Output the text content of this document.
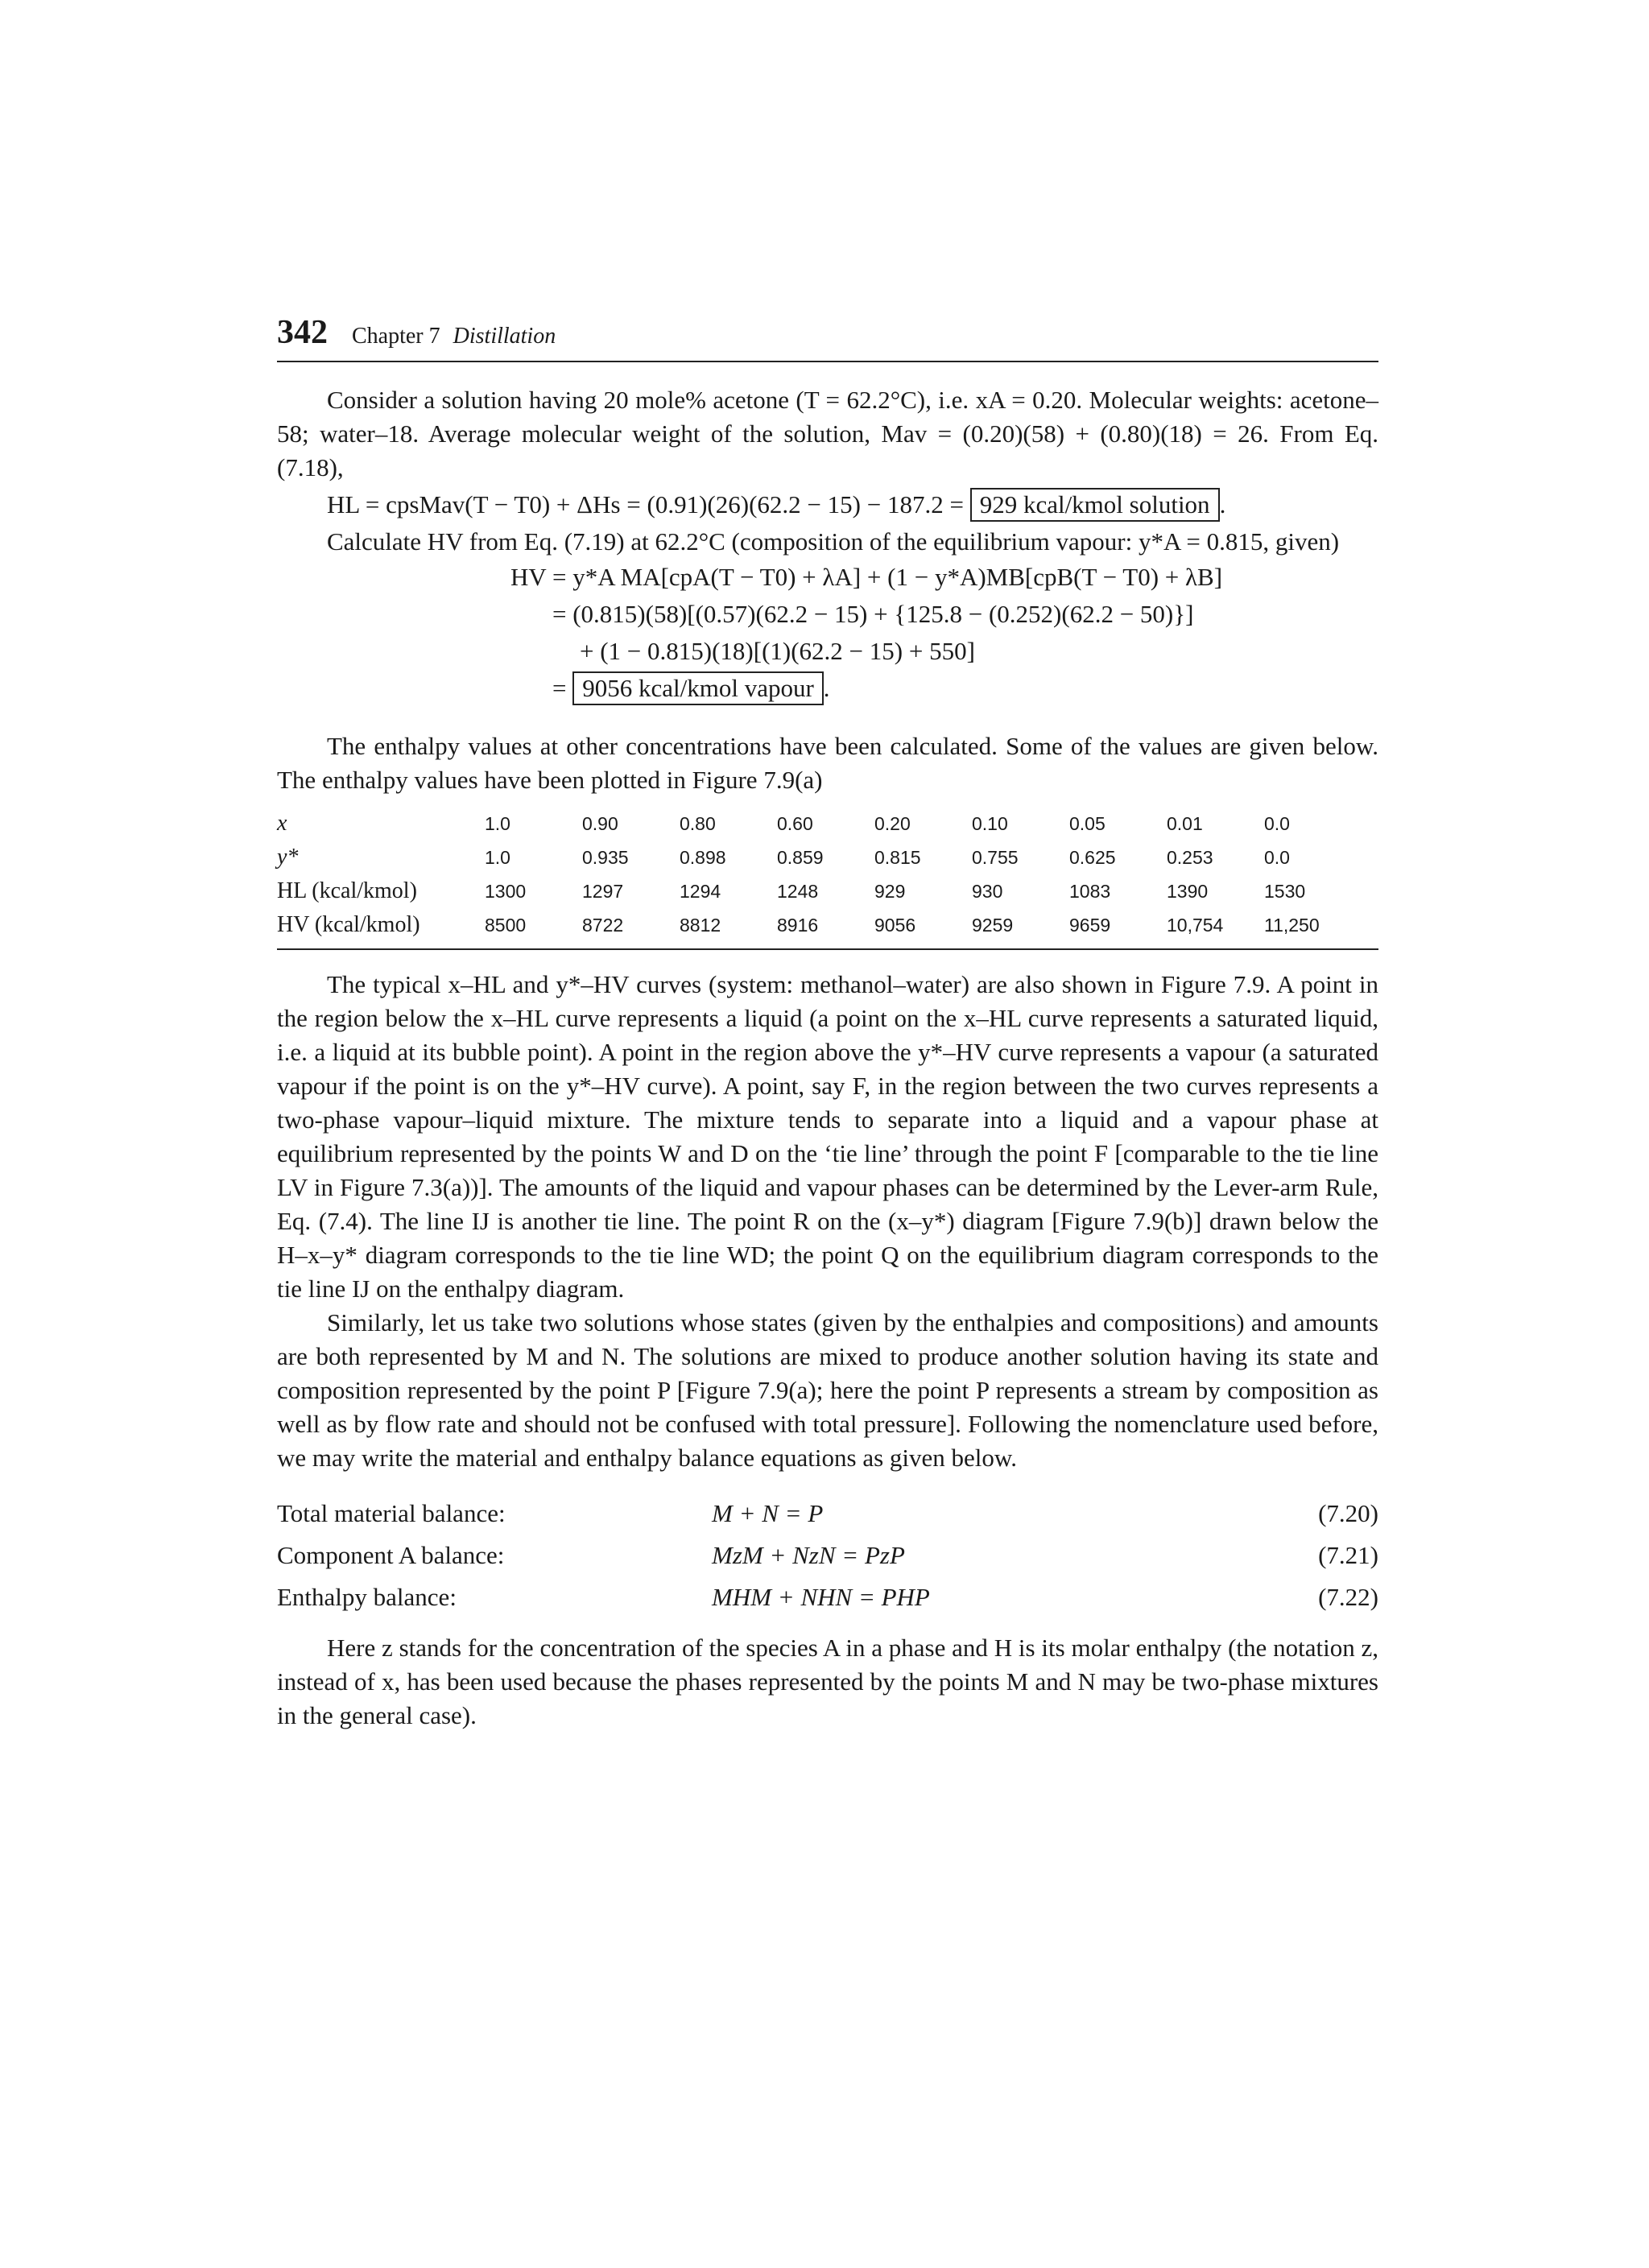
342 Chapter 7 Distillation

Consider a solution having 20 mole% acetone (T = 62.2°C), i.e. xA = 0.20. Molecular weights: acetone–58; water–18. Average molecular weight of the solution, Mav = (0.20)(58) + (0.80)(18) = 26. From Eq. (7.18),

HL = cpsMav(T − T0) + ΔHs = (0.91)(26)(62.2 − 15) − 187.2 = 929 kcal/kmol solution .

Calculate HV from Eq. (7.19) at 62.2°C (composition of the equilibrium vapour: y*A = 0.815, given)

HV = y*A MA[cpA(T − T0) + λA] + (1 − y*A)MB[cpB(T − T0) + λB]
= (0.815)(58)[(0.57)(62.2 − 15) + {125.8 − (0.252)(62.2 − 50)}]
+ (1 − 0.815)(18)[(1)(62.2 − 15) + 550]
= 9056 kcal/kmol vapour .

The enthalpy values at other concentrations have been calculated. Some of the values are given below. The enthalpy values have been plotted in Figure 7.9(a)

x	1.0	0.90	0.80	0.60	0.20	0.10	0.05	0.01	0.0
y*	1.0	0.935	0.898	0.859	0.815	0.755	0.625	0.253	0.0
HL (kcal/kmol)	1300	1297	1294	1248	929	930	1083	1390	1530
HV (kcal/kmol)	8500	8722	8812	8916	9056	9259	9659	10,754	11,250

The typical x–HL and y*–HV curves (system: methanol–water) are also shown in Figure 7.9. A point in the region below the x–HL curve represents a liquid (a point on the x–HL curve represents a saturated liquid, i.e. a liquid at its bubble point). A point in the region above the y*–HV curve represents a vapour (a saturated vapour if the point is on the y*–HV curve). A point, say F, in the region between the two curves represents a two-phase vapour–liquid mixture. The mixture tends to separate into a liquid and a vapour phase at equilibrium represented by the points W and D on the ‘tie line’ through the point F [comparable to the tie line LV in Figure 7.3(a))]. The amounts of the liquid and vapour phases can be determined by the Lever-arm Rule, Eq. (7.4). The line IJ is another tie line. The point R on the (x–y*) diagram [Figure 7.9(b)] drawn below the H–x–y* diagram corresponds to the tie line WD; the point Q on the equilibrium diagram corresponds to the tie line IJ on the enthalpy diagram.

Similarly, let us take two solutions whose states (given by the enthalpies and compositions) and amounts are both represented by M and N. The solutions are mixed to produce another solution having its state and composition represented by the point P [Figure 7.9(a); here the point P represents a stream by composition as well as by flow rate and should not be confused with total pressure]. Following the nomenclature used before, we may write the material and enthalpy balance equations as given below.

Total material balance:	M + N = P	(7.20)
Component A balance:	MzM + NzN = PzP	(7.21)
Enthalpy balance:	MHM + NHN = PHP	(7.22)

Here z stands for the concentration of the species A in a phase and H is its molar enthalpy (the notation z, instead of x, has been used because the phases represented by the points M and N may be two-phase mixtures in the general case).
